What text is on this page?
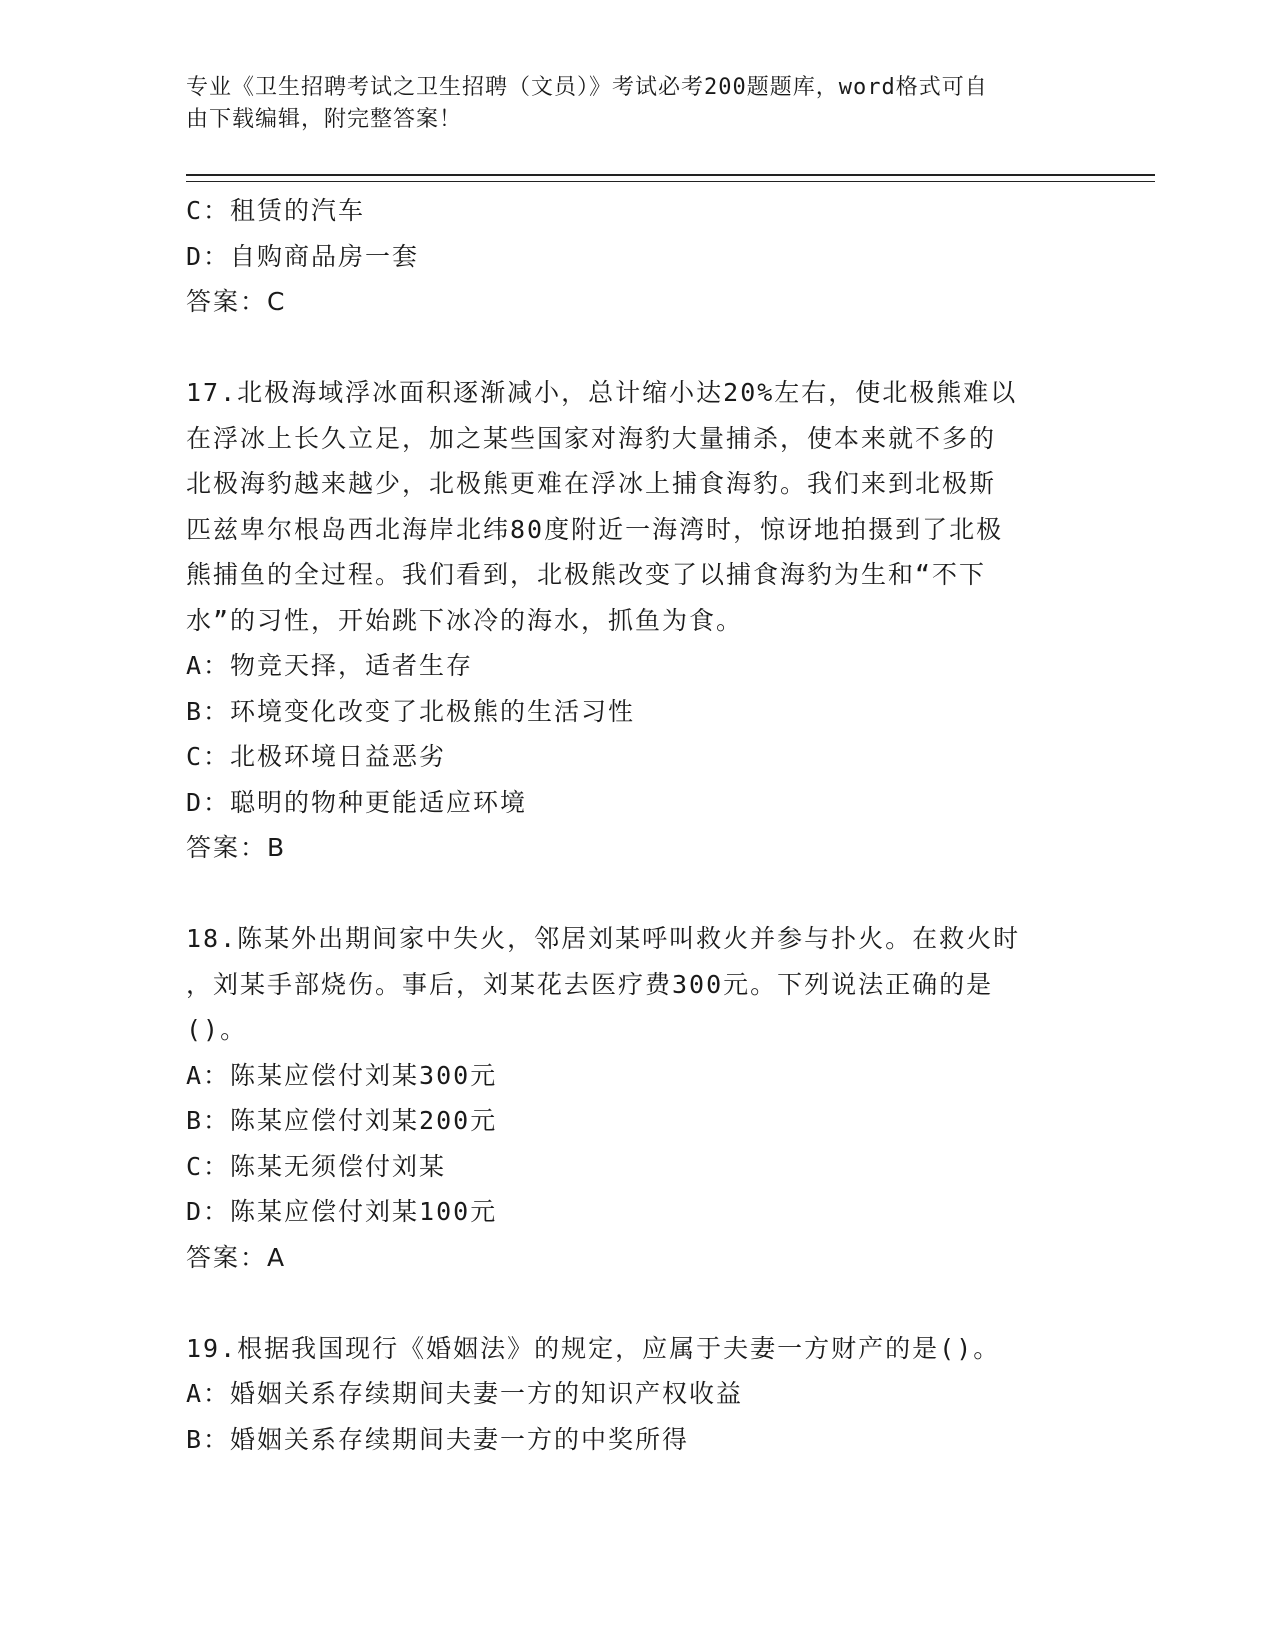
专业《卫生招聘考试之卫生招聘（文员）》考试必考200题题库，word格式可自
由下载编辑，附完整答案！
C：租赁的汽车
D：自购商品房一套
答案：C
17.北极海域浮冰面积逐渐减小，总计缩小达20%左右，使北极熊难以
在浮冰上长久立足，加之某些国家对海豹大量捕杀，使本来就不多的
北极海豹越来越少，北极熊更难在浮冰上捕食海豹。我们来到北极斯
匹兹卑尔根岛西北海岸北纬80度附近一海湾时，惊讶地拍摄到了北极
熊捕鱼的全过程。我们看到，北极熊改变了以捕食海豹为生和“不下
水”的习性，开始跳下冰冷的海水，抓鱼为食。
A：物竞天择，适者生存
B：环境变化改变了北极熊的生活习性
C：北极环境日益恶劣
D：聪明的物种更能适应环境
答案：B
18.陈某外出期间家中失火，邻居刘某呼叫救火并参与扑火。在救火时
，刘某手部烧伤。事后，刘某花去医疗费300元。下列说法正确的是
()。
A：陈某应偿付刘某300元
B：陈某应偿付刘某200元
C：陈某无须偿付刘某
D：陈某应偿付刘某100元
答案：A
19.根据我国现行《婚姻法》的规定，应属于夫妻一方财产的是()。
A：婚姻关系存续期间夫妻一方的知识产权收益
B：婚姻关系存续期间夫妻一方的中奖所得
